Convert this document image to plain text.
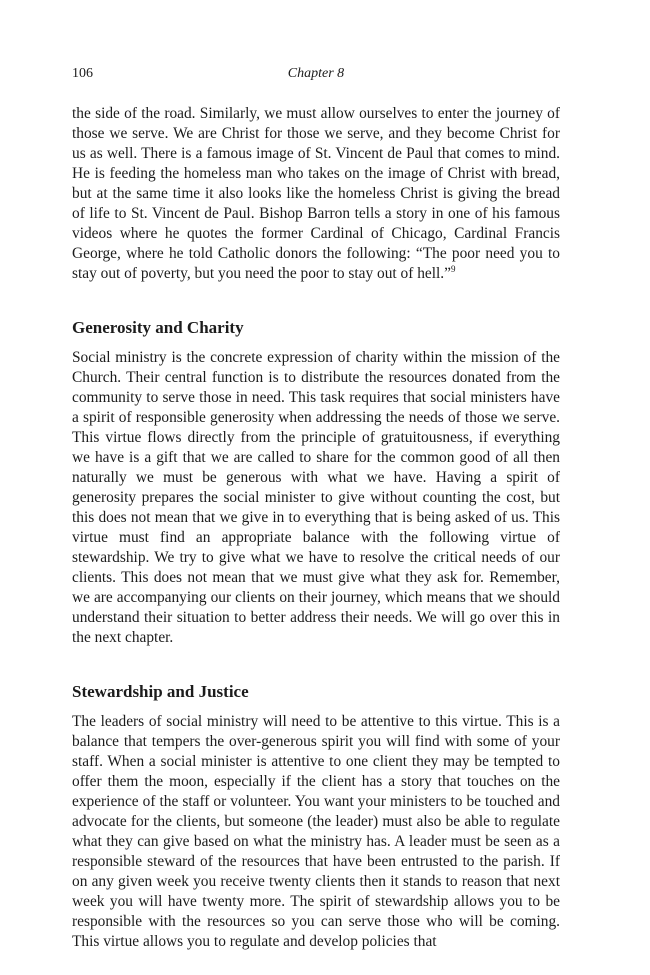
106	Chapter 8

the side of the road. Similarly, we must allow ourselves to enter the journey of those we serve. We are Christ for those we serve, and they become Christ for us as well. There is a famous image of St. Vincent de Paul that comes to mind. He is feeding the homeless man who takes on the image of Christ with bread, but at the same time it also looks like the homeless Christ is giving the bread of life to St. Vincent de Paul. Bishop Barron tells a story in one of his famous videos where he quotes the former Cardinal of Chicago, Cardinal Francis George, where he told Catholic donors the following: “The poor need you to stay out of poverty, but you need the poor to stay out of hell.”$^9$

Generosity and Charity

Social ministry is the concrete expression of charity within the mission of the Church. Their central function is to distribute the resources donated from the community to serve those in need. This task requires that social ministers have a spirit of responsible generosity when addressing the needs of those we serve. This virtue flows directly from the principle of gratuitousness, if everything we have is a gift that we are called to share for the common good of all then naturally we must be generous with what we have. Having a spirit of generosity prepares the social minister to give without counting the cost, but this does not mean that we give in to everything that is being asked of us. This virtue must find an appropriate balance with the following virtue of stewardship. We try to give what we have to resolve the critical needs of our clients. This does not mean that we must give what they ask for. Remember, we are accompanying our clients on their journey, which means that we should understand their situation to better address their needs. We will go over this in the next chapter.

Stewardship and Justice

The leaders of social ministry will need to be attentive to this virtue. This is a balance that tempers the over-generous spirit you will find with some of your staff. When a social minister is attentive to one client they may be tempted to offer them the moon, especially if the client has a story that touches on the experience of the staff or volunteer. You want your ministers to be touched and advocate for the clients, but someone (the leader) must also be able to regulate what they can give based on what the ministry has. A leader must be seen as a responsible steward of the resources that have been entrusted to the parish. If on any given week you receive twenty clients then it stands to reason that next week you will have twenty more. The spirit of stewardship allows you to be responsible with the resources so you can serve those who will be coming. This virtue allows you to regulate and develop policies that
